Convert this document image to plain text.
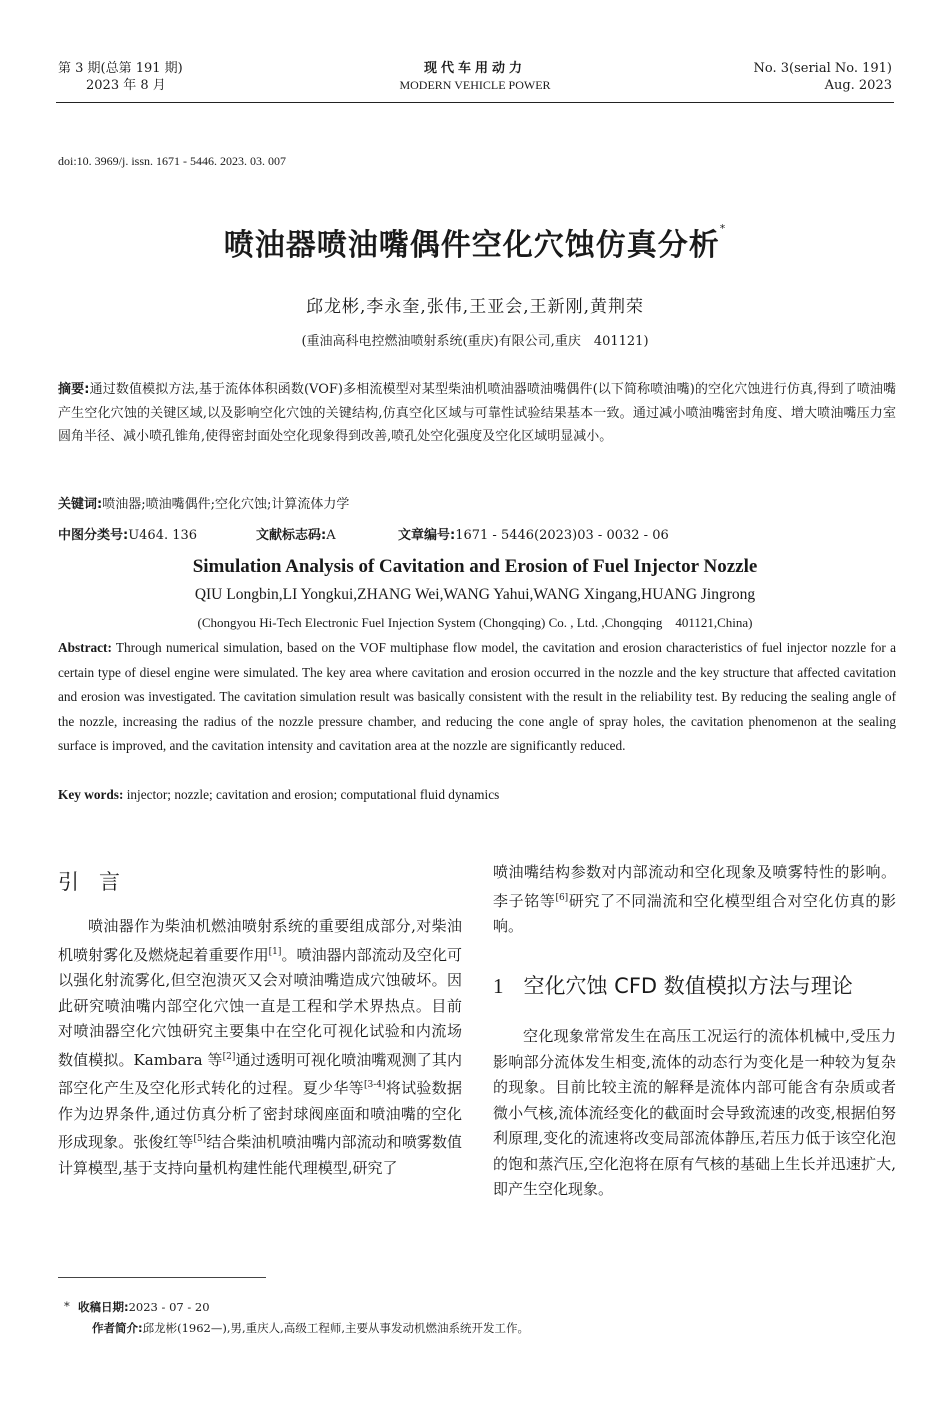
第 3 期(总第 191 期)
2023 年 8 月
现代车用动力
MODERN VEHICLE POWER
No. 3(serial No. 191)
Aug. 2023
doi:10. 3969/j. issn. 1671 - 5446. 2023. 03. 007
喷油器喷油嘴偶件空化穴蚀仿真分析*
邱龙彬,李永奎,张伟,王亚会,王新刚,黄荆荣
(重油高科电控燃油喷射系统(重庆)有限公司,重庆　401121)
摘要:通过数值模拟方法,基于流体体积函数(VOF)多相流模型对某型柴油机喷油器喷油嘴偶件(以下简称喷油嘴)的空化穴蚀进行仿真,得到了喷油嘴产生空化穴蚀的关键区域,以及影响空化穴蚀的关键结构,仿真空化区域与可靠性试验结果基本一致。通过减小喷油嘴密封角度、增大喷油嘴压力室圆角半径、减小喷孔锥角,使得密封面处空化现象得到改善,喷孔处空化强度及空化区域明显减小。
关键词:喷油器;喷油嘴偶件;空化穴蚀;计算流体力学
中图分类号:U464. 136	文献标志码:A	文章编号:1671 - 5446(2023)03 - 0032 - 06
Simulation Analysis of Cavitation and Erosion of Fuel Injector Nozzle
QIU Longbin,LI Yongkui,ZHANG Wei,WANG Yahui,WANG Xingang,HUANG Jingrong
(Chongyou Hi-Tech Electronic Fuel Injection System (Chongqing) Co. , Ltd. ,Chongqing　401121,China)
Abstract: Through numerical simulation, based on the VOF multiphase flow model, the cavitation and erosion characteristics of fuel injector nozzle for a certain type of diesel engine were simulated. The key area where cavitation and erosion occurred in the nozzle and the key structure that affected cavitation and erosion was investigated. The cavitation simulation result was basically consistent with the result in the reliability test. By reducing the sealing angle of the nozzle, increasing the radius of the nozzle pressure chamber, and reducing the cone angle of spray holes, the cavitation phenomenon at the sealing surface is improved, and the cavitation intensity and cavitation area at the nozzle are significantly reduced.
Key words: injector; nozzle; cavitation and erosion; computational fluid dynamics
引言

喷油器作为柴油机燃油喷射系统的重要组成部分,对柴油机喷射雾化及燃烧起着重要作用[1]。喷油器内部流动及空化可以强化射流雾化,但空泡溃灭又会对喷油嘴造成穴蚀破坏。因此研究喷油嘴内部空化穴蚀一直是工程和学术界热点。目前对喷油器空化穴蚀研究主要集中在空化可视化试验和内流场数值模拟。Kambara 等[2]通过透明可视化喷油嘴观测了其内部空化产生及空化形式转化的过程。夏少华等[3-4]将试验数据作为边界条件,通过仿真分析了密封球阀座面和喷油嘴的空化形成现象。张俊红等[5]结合柴油机喷油嘴内部流动和喷雾数值计算模型,基于支持向量机构建性能代理模型,研究了

喷油嘴结构参数对内部流动和空化现象及喷雾特性的影响。李子铭等[6]研究了不同湍流和空化模型组合对空化仿真的影响。

1 空化穴蚀 CFD 数值模拟方法与理论

空化现象常常发生在高压工况运行的流体机械中,受压力影响部分流体发生相变,流体的动态行为变化是一种较为复杂的现象。目前比较主流的解释是流体内部可能含有杂质或者微小气核,流体流经变化的截面时会导致流速的改变,根据伯努利原理,变化的流速将改变局部流体静压,若压力低于该空化泡的饱和蒸汽压,空化泡将在原有气核的基础上生长并迅速扩大,即产生空化现象。

* 收稿日期:2023 - 07 - 20
作者简介:邱龙彬(1962—),男,重庆人,高级工程师,主要从事发动机燃油系统开发工作。
